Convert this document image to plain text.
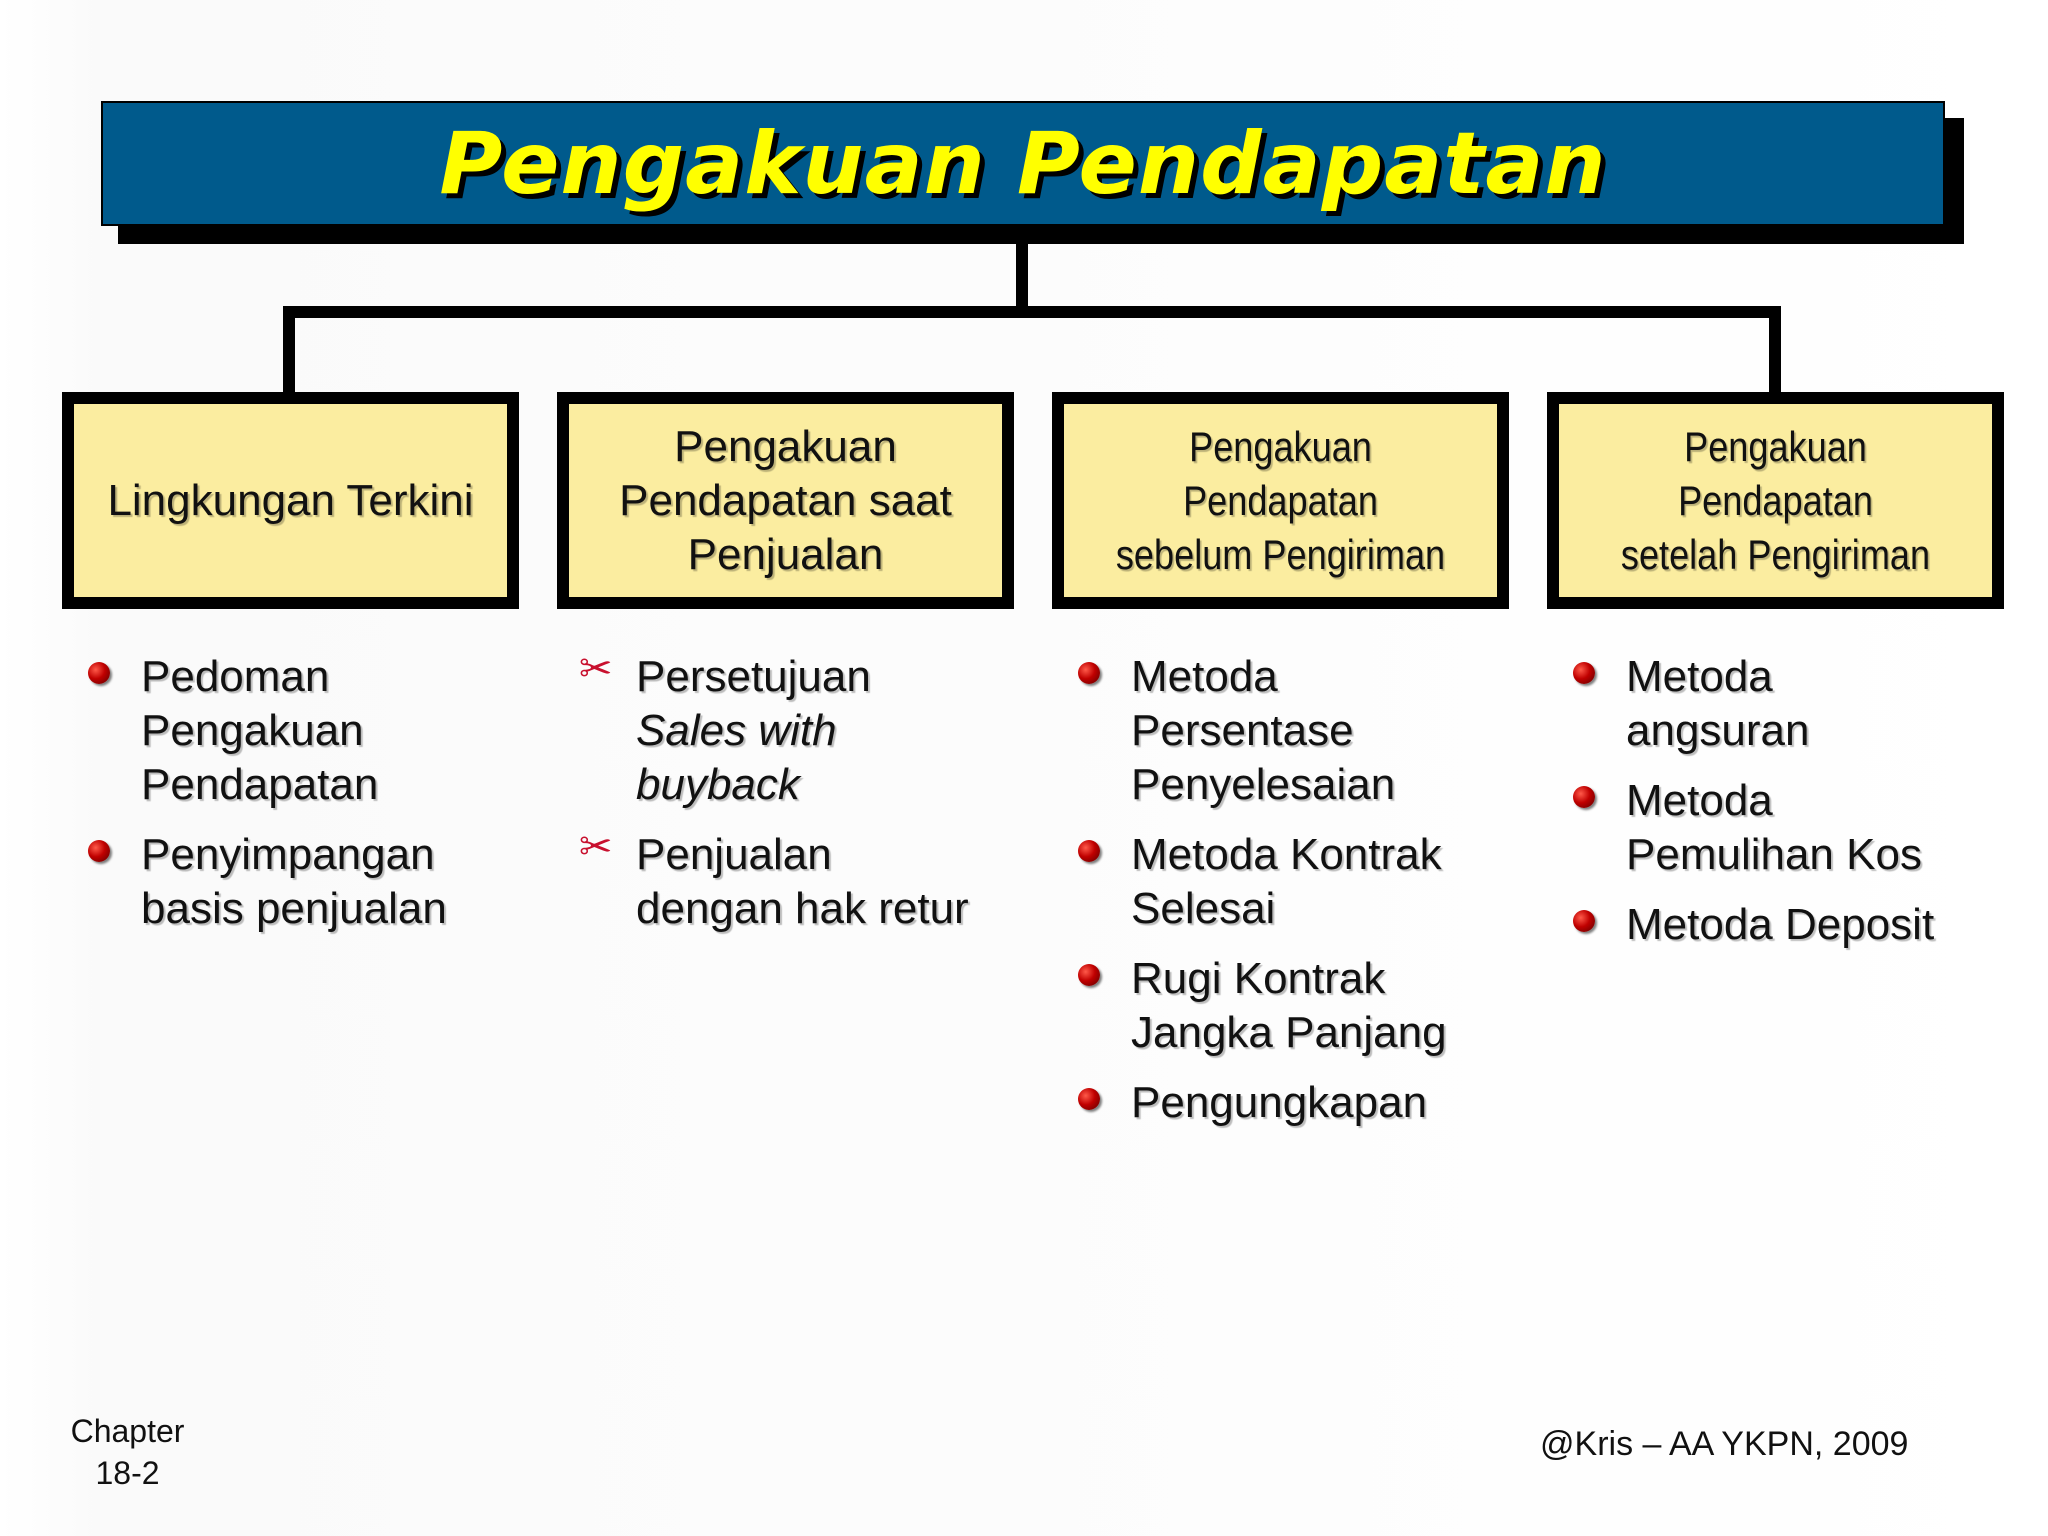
Pengakuan Pendapatan
Lingkungan Terkini
Pengakuan
Pendapatan saat
Penjualan
Pengakuan Pendapatan
sebelum Pengiriman
Pengakuan Pendapatan
setelah Pengiriman
Pedoman
Pengakuan
Pendapatan
Penyimpangan
basis penjualan
✂ Persetujuan
Sales with
buyback
✂ Penjualan
dengan hak retur
Metoda
Persentase
Penyelesaian
Metoda Kontrak
Selesai
Rugi Kontrak
Jangka Panjang
Pengungkapan
Metoda
angsuran
Metoda
Pemulihan Kos
Metoda Deposit
Chapter
18-2
@Kris – AA YKPN, 2009
